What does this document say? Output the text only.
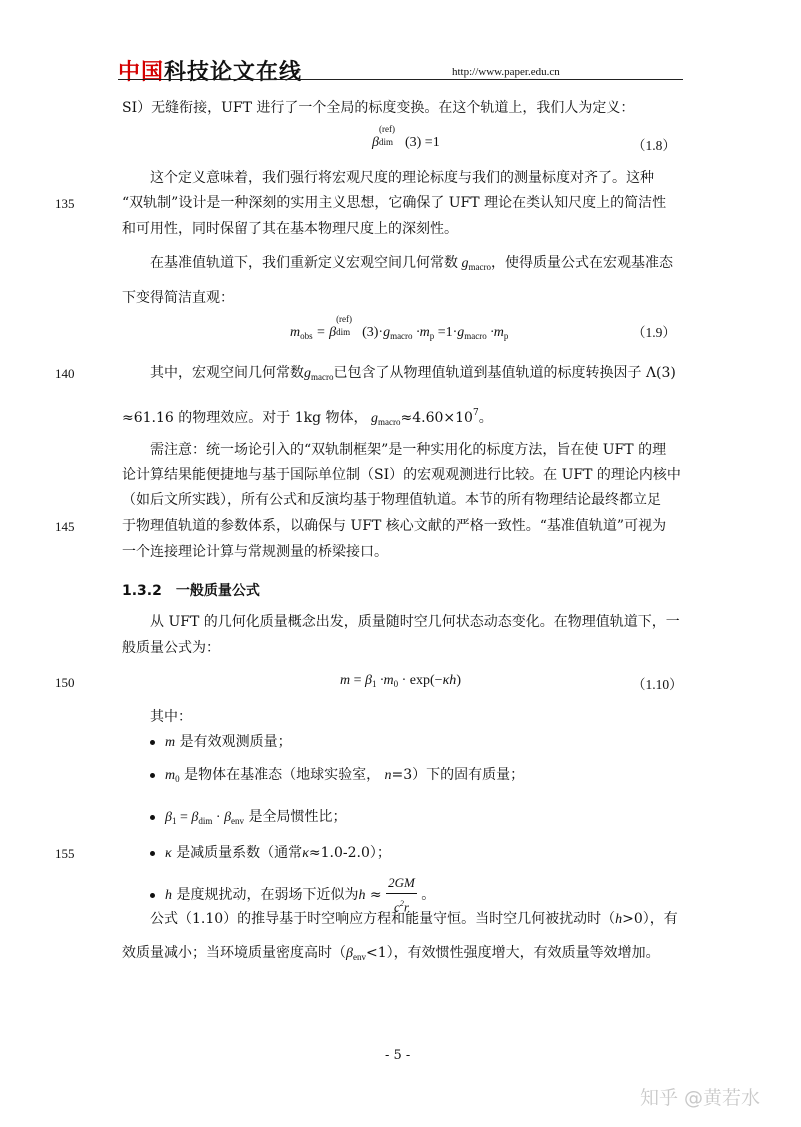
中国科技论文在线	http://www.paper.edu.cn
SI）无缝衔接，UFT 进行了一个全局的标度变换。在这个轨道上，我们人为定义：
β
(ref)
dim (3) =1	（1.8）
这个定义意味着，我们强行将宏观尺度的理论标度与我们的测量标度对齐了。这种
135	“双轨制”设计是一种深刻的实用主义思想，它确保了 UFT 理论在类认知尺度上的简洁性
和可用性，同时保留了其在基本物理尺度上的深刻性。
在基准值轨道下，我们重新定义宏观空间几何常数 $g_{macro}$，使得质量公式在宏观基准态
下变得简洁直观：
$m_{obs} = \beta$
(ref)
dim $(3)\cdot g_{macro} \cdot m_p =1\cdot g_{macro} \cdot m_p$	（1.9）
140	其中，宏观空间几何常数$g_{macro}$已包含了从物理值轨道到基值轨道的标度转换因子 Λ(3)
≈61.16 的物理效应。对于 1kg 物体， $g_{macro}\approx 4.60\times 10^7$。
需注意：统一场论引入的“双轨制框架”是一种实用化的标度方法，旨在使 UFT 的理
论计算结果能便捷地与基于国际单位制（SI）的宏观观测进行比较。在 UFT 的理论内核中
（如后文所实践），所有公式和反演均基于物理值轨道。本节的所有物理结论最终都立足
145	于物理值轨道的参数体系，以确保与 UFT 核心文献的严格一致性。“基准值轨道”可视为
一个连接理论计算与常规测量的桥梁接口。
1.3.2　一般质量公式
从 UFT 的几何化质量概念出发，质量随时空几何状态动态变化。在物理值轨道下，一
般质量公式为：
150	$m = \beta_1 \cdot m_0 \cdot \exp(-\kappa h)$	（1.10）
其中：
m 是有效观测质量；
$m_0$ 是物体在基准态（地球实验室， n=3）下的固有质量；
$\beta_1 = \beta_{dim} \cdot \beta_{env}$ 是全局惯性比；
155	κ 是减质量系数（通常κ≈1.0-2.0）；
h 是度规扰动，在弱场下近似为$h \approx \frac{2GM}{c^2r}$ 。
公式（1.10）的推导基于时空响应方程和能量守恒。当时空几何被扰动时（h>0），有
效质量减小；当环境质量密度高时$(\beta_{env}<1)$，有效惯性强度增大，有效质量等效增加。
- 5 -
知乎 @黄若水
